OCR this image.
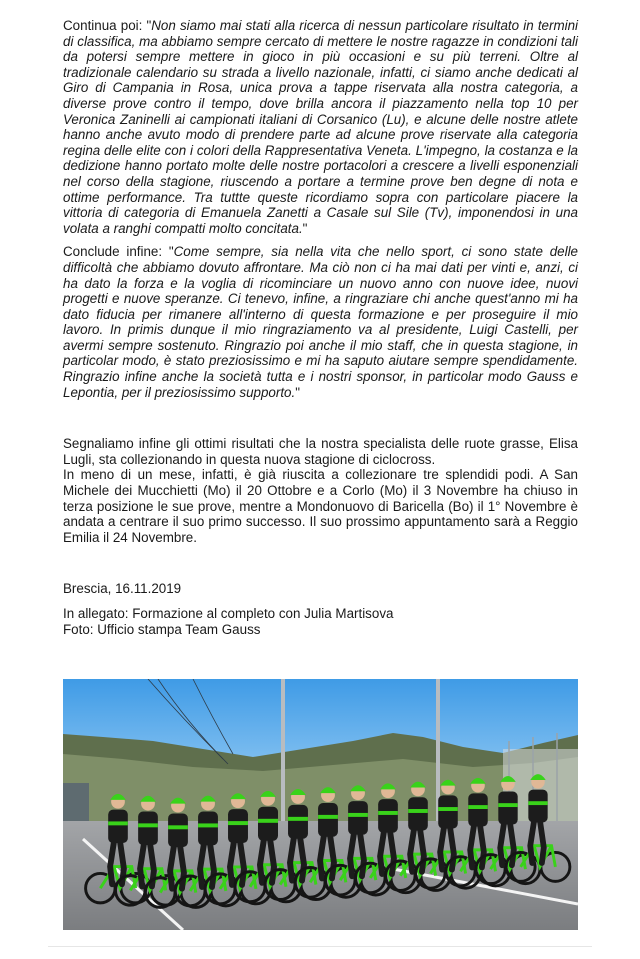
Continua poi: "Non siamo mai stati alla ricerca di nessun particolare risultato in termini di classifica, ma abbiamo sempre cercato di mettere le nostre ragazze in condizioni tali da potersi sempre mettere in gioco in più occasioni e su più terreni. Oltre al tradizionale calendario su strada a livello nazionale, infatti, ci siamo anche dedicati al Giro di Campania in Rosa, unica prova a tappe riservata alla nostra categoria, a diverse prove contro il tempo, dove brilla ancora il piazzamento nella top 10 per Veronica Zaninelli ai campionati italiani di Corsanico (Lu), e alcune delle nostre atlete hanno anche avuto modo di prendere parte ad alcune prove riservate alla categoria regina delle elite con i colori della Rappresentativa Veneta. L'impegno, la costanza e la dedizione hanno portato molte delle nostre portacolori a crescere a livelli esponenziali nel corso della stagione, riuscendo a portare a termine prove ben degne di nota e ottime performance. Tra tuttte queste ricordiamo sopra con particolare piacere la vittoria di categoria di Emanuela Zanetti a Casale sul Sile (Tv), imponendosi in una volata a ranghi compatti molto concitata."

Conclude infine: "Come sempre, sia nella vita che nello sport, ci sono state delle difficoltà che abbiamo dovuto affrontare. Ma ciò non ci ha mai dati per vinti e, anzi, ci ha dato la forza e la voglia di ricominciare un nuovo anno con nuove idee, nuovi progetti e nuove speranze. Ci tenevo, infine, a ringraziare chi anche quest'anno mi ha dato fiducia per rimanere all'interno di questa formazione e per proseguire il mio lavoro. In primis dunque il mio ringraziamento va al presidente, Luigi Castelli, per avermi sempre sostenuto. Ringrazio poi anche il mio staff, che in questa stagione, in particolar modo, è stato preziosissimo e mi ha saputo aiutare sempre spendidamente. Ringrazio infine anche la società tutta e i nostri sponsor, in particolar modo Gauss e Lepontia, per il preziosissimo supporto."

Segnaliamo infine gli ottimi risultati che la nostra specialista delle ruote grasse, Elisa Lugli, sta collezionando in questa nuova stagione di ciclocross.

In meno di un mese, infatti, è già riuscita a collezionare tre splendidi podi. A San Michele dei Mucchietti (Mo) il 20 Ottobre e a Corlo (Mo) il 3 Novembre ha chiuso in terza posizione le sue prove, mentre a Mondonuovo di Baricella (Bo) il 1° Novembre è andata a centrare il suo primo successo. Il suo prossimo appuntamento sarà a Reggio Emilia il 24 Novembre.

Brescia, 16.11.2019

In allegato: Formazione al completo con Julia Martisova

Foto: Ufficio stampa Team Gauss
